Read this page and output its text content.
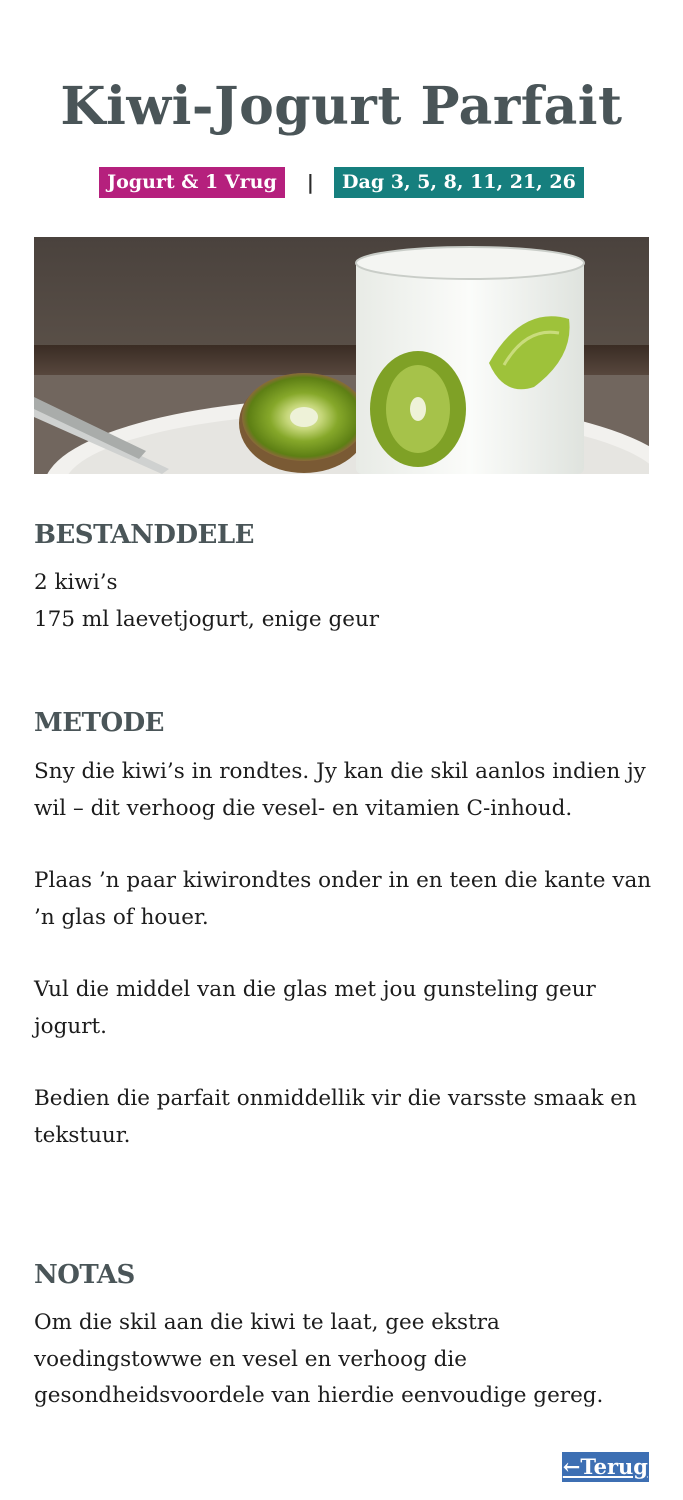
Kiwi-Jogurt Parfait
Jogurt & 1 Vrug	|	Dag 3, 5, 8, 11, 21, 26
BESTANDDELE

2 kiwi’s

175 ml laevetjogurt, enige geur

METODE

Sny die kiwi’s in rondtes. Jy kan die skil aanlos indien jy wil – dit verhoog die vesel- en vitamien C-inhoud.

Plaas ’n paar kiwirondtes onder in en teen die kante van ’n glas of houer.

Vul die middel van die glas met jou gunsteling geur jogurt.

Bedien die parfait onmiddellik vir die varsste smaak en tekstuur.

NOTAS

Om die skil aan die kiwi te laat, gee ekstra voedingstowwe en vesel en verhoog die gesondheidsvoordele van hierdie eenvoudige gereg.

←Terug
